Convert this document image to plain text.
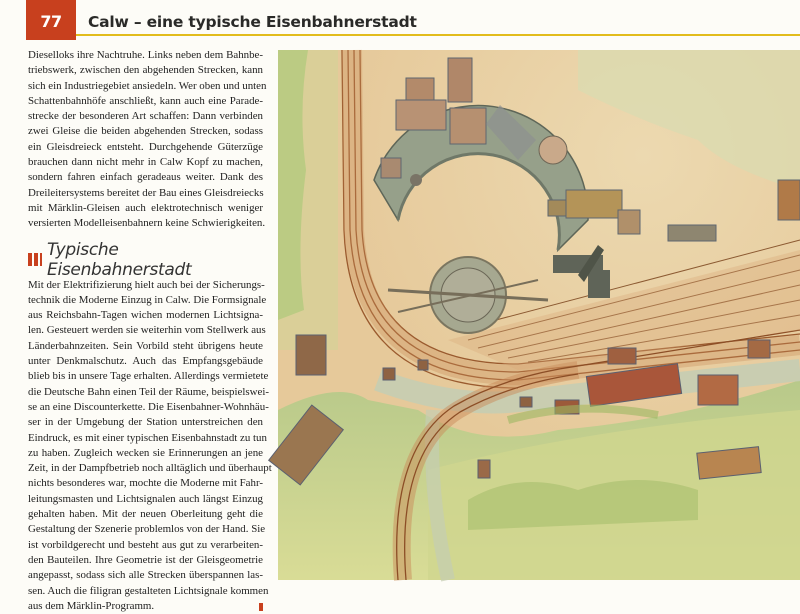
77 Calw – eine typische Eisenbahnerstadt
Dieselloks ihre Nachtruhe. Links neben dem Bahnbe-
triebswerk, zwischen den abgehenden Strecken, kann
sich ein Industriegebiet ansiedeln. Wer oben und unten
Schattenbahnhöfe anschließt, kann auch eine Parade-
strecke der besonderen Art schaffen: Dann verbinden
zwei Gleise die beiden abgehenden Strecken, sodass
ein Gleisdreieck entsteht. Durchgehende Güterzüge
brauchen dann nicht mehr in Calw Kopf zu machen,
sondern fahren einfach geradeaus weiter. Dank des
Dreileitersystems bereitet der Bau eines Gleisdreiecks
mit Märklin-Gleisen auch elektrotechnisch weniger
versierten Modelleisenbahnern keine Schwierigkeiten.
Typische Eisenbahnerstadt
Mit der Elektrifizierung hielt auch bei der Sicherungs-
technik die Moderne Einzug in Calw. Die Formsignale
aus Reichsbahn-Tagen wichen modernen Lichtsigna-
len. Gesteuert werden sie weiterhin vom Stellwerk aus
Länderbahnzeiten. Sein Vorbild steht übrigens heute
unter Denkmalschutz. Auch das Empfangsgebäude
blieb bis in unsere Tage erhalten. Allerdings vermietete
die Deutsche Bahn einen Teil der Räume, beispielswei-
se an eine Discounterkette. Die Eisenbahner-Wohnhäu-
ser in der Umgebung der Station unterstreichen den
Eindruck, es mit einer typischen Eisenbahnstadt zu tun
zu haben. Zugleich wecken sie Erinnerungen an jene
Zeit, in der Dampfbetrieb noch alltäglich und überhaupt
nichts besonderes war, mochte die Moderne mit Fahr-
leitungsmasten und Lichtsignalen auch längst Einzug
gehalten haben. Mit der neuen Oberleitung geht die
Gestaltung der Szenerie problemlos von der Hand. Sie
ist vorbildgerecht und besteht aus gut zu verarbeiten-
den Bauteilen. Ihre Geometrie ist der Gleisgeometrie
angepasst, sodass sich alle Strecken überspannen las-
sen. Auch die filigran gestalteten Lichtsignale kommen
aus dem Märklin-Programm.
